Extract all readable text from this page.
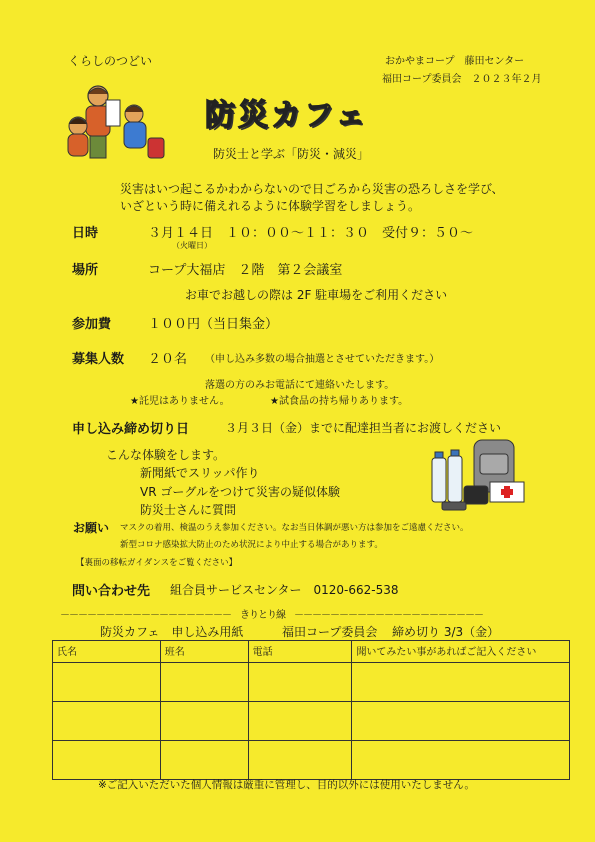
くらしのつどい	おかやまコープ　藤田センター
福田コープ委員会　２０２３年２月
防災カフェ
防災士と学ぶ「防災・減災」
災害はいつ起こるかわからないので日ごろから災害の恐ろしさを学び、
いざという時に備えれるように体験学習をしましょう。
日時	３月１４日　１０：００～１１：３０　受付９：５０～
（火曜日）
場所	コープ大福店　２階　第２会議室
お車でお越しの際は 2F 駐車場をご利用ください
参加費	１００円（当日集金）
募集人数 ２０名 （申し込み多数の場合抽選とさせていただきます。）
落選の方のみお電話にて連絡いたします。
★託児はありません。	★試食品の持ち帰りあります。
申し込み締め切り日	３月３日（金）までに配達担当者にお渡しください
こんな体験をします。
新聞紙でスリッパ作り
VR ゴーグルをつけて災害の疑似体験
防災士さんに質問
お願い マスクの着用、検温のうえ参加ください。なお当日体調が悪い方は参加をご遠慮ください。
新型コロナ感染拡大防止のため状況により中止する場合があります。
【裏面の移転ガイダンスをご覧ください】
問い合わせ先 組合員サービスセンター　0120-662-538
－－－－－－－－－－－－－－－－－－－　きりとり線　－－－－－－－－－－－－－－－－－－－－－
防災カフェ　申し込み用紙	福田コープ委員会 締め切り 3/3（金）
氏名	班名	電話	聞いてみたい事があればご記入ください

※ご記入いただいた個人情報は厳重に管理し、目的以外には使用いたしません。
